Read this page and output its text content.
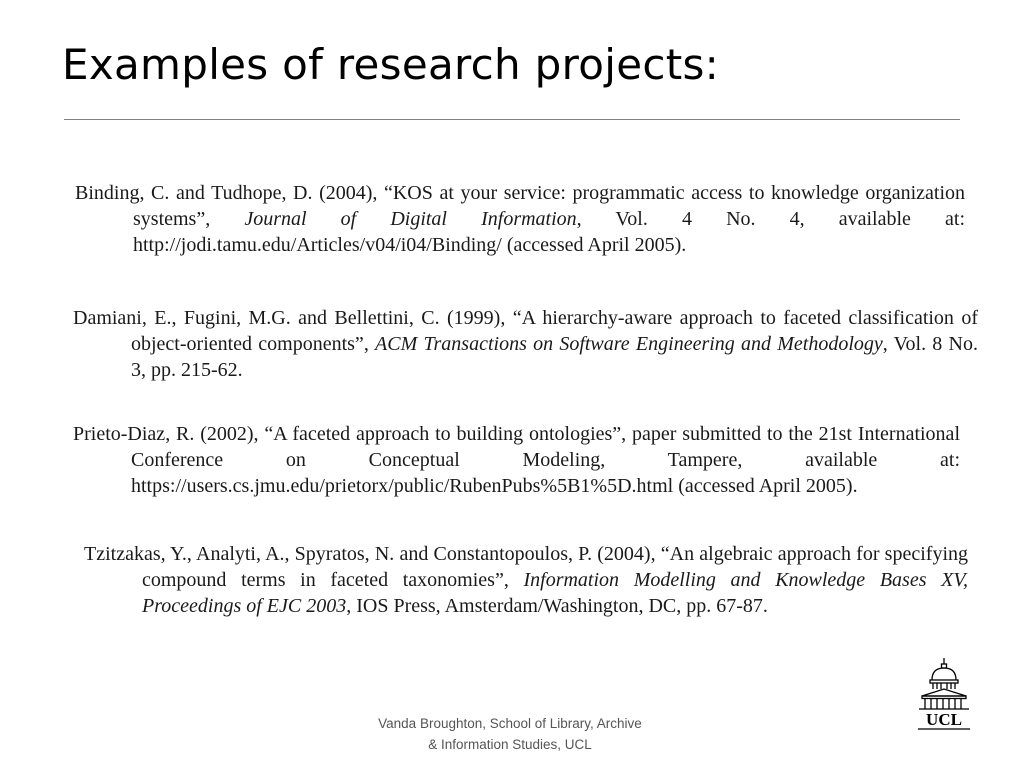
Examples of research projects:
Binding, C. and Tudhope, D. (2004), “KOS at your service: programmatic access to knowledge organization systems”, Journal of Digital Information, Vol. 4 No. 4, available at: http://jodi.tamu.edu/Articles/v04/i04/Binding/ (accessed April 2005).
Damiani, E., Fugini, M.G. and Bellettini, C. (1999), “A hierarchy-aware approach to faceted classification of object-oriented components”, ACM Transactions on Software Engineering and Methodology, Vol. 8 No. 3, pp. 215-62.
Prieto-Diaz, R. (2002), “A faceted approach to building ontologies”, paper submitted to the 21st International Conference on Conceptual Modeling, Tampere, available at: https://users.cs.jmu.edu/prietorx/public/RubenPubs%5B1%5D.html (accessed April 2005).
Tzitzakas, Y., Analyti, A., Spyratos, N. and Constantopoulos, P. (2004), “An algebraic approach for specifying compound terms in faceted taxonomies”, Information Modelling and Knowledge Bases XV, Proceedings of EJC 2003, IOS Press, Amsterdam/Washington, DC, pp. 67-87.
Vanda Broughton, School of Library, Archive
& Information Studies, UCL
UCL
